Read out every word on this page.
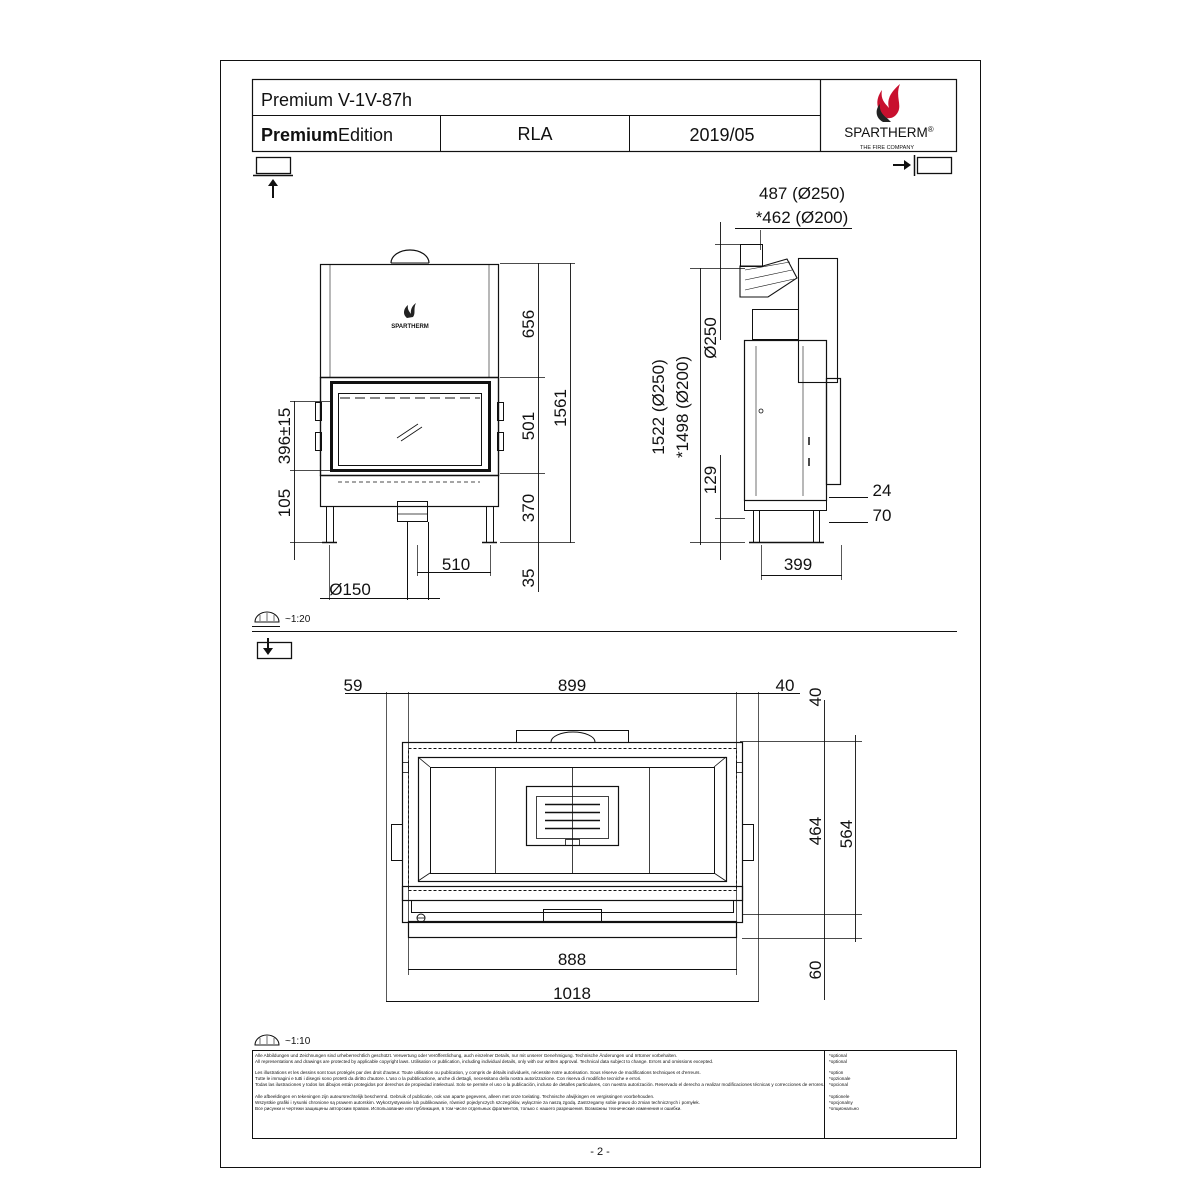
Premium V-1V-87h
PremiumEdition	RLA	2019/05	SPARTHERM®
THE FIRE COMPANY
SPARTHERM	656
501
370
35
1561
396±15
105
510
Ø150
Ø250
1522 (Ø250) *1498 (Ø200)
129
487 (Ø250)
*462 (Ø200)
24
70
399
~1:20
59	899	40
40
464 564
60
888
1018
~1:10
Alle Abbildungen und Zeichnungen sind urheberrechtlich geschützt. Verwertung oder Veröffentlichung, auch einzelner Details, nur mit unserer Genehmigung. Technische Änderungen und Irrtümer vorbehalten. All representations and drawings are protected by applicable copyright laws. Utilisation or publication, including individual details, only with our written approval. Technical data subject to change. Errors and omissions excepted. Les illustrations et les dessins sont tous protégés par des droit d'auteur. Toute utilisation ou publication, y compris de détails individuels, nécessite notre autorisation. Sous réserve de modifications techniques et d'erreurs. Tutte le immagini e tutti i disegni sono protetti da diritto d'autore. L'uso o la pubblicazione, anche di dettagli, necessitano della nostra autorizzazione. Con riserva di modifiche tecniche e errori. Todas las ilustraciones y todos los dibujos están protegidos por derechos de propiedad intelectual. Solo se permite el uso o la publicación, incluso de detalles particulares, con nuestra autorización. Reservado el derecho a realizar modificaciones técnicas y correcciones de errores. Alle afbeeldingen en tekeningen zijn auteursrechtelijk beschermd. Gebruik of publicatie, ook van aparte gegevens, alleen met onze toelating. Technische afwijkingen en vergissingen voorbehouden. Wszystkie grafiki i rysunki chronione są prawem autorskim. Wykorzystywanie lub publikowanie, również pojedynczych szczegółów, wyłącznie za naszą zgodą. Zastrzegamy sobie prawo do zmian technicznych i pomyłek. Все рисунки и чертежи защищены авторским правом. Использование или публикация, в том числе отдельных фрагментов, только с нашего разрешения. Возможны технические изменения и ошибки.
*optional *optional *option *opzionale *opcional *optionele *opcjonalny *опционально
- 2 -
